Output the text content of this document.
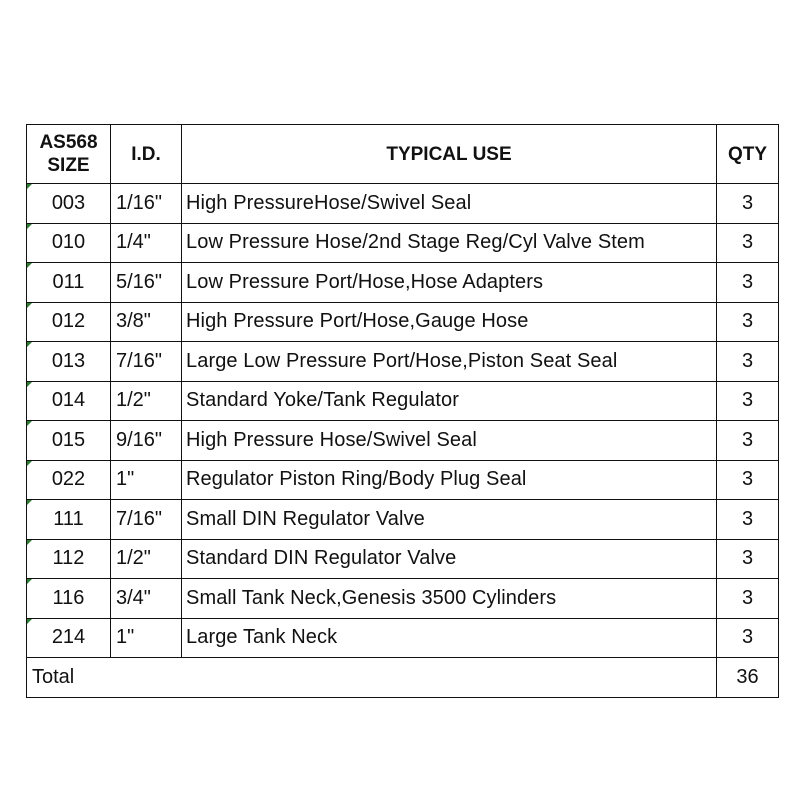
AS568
SIZE	I.D.	TYPICAL USE	QTY
003	1/16"	High PressureHose/Swivel Seal	3
010	1/4"	Low Pressure Hose/2nd Stage Reg/Cyl Valve Stem	3
011	5/16"	Low Pressure Port/Hose,Hose Adapters	3
012	3/8"	High Pressure Port/Hose,Gauge Hose	3
013	7/16"	Large Low Pressure Port/Hose,Piston Seat Seal	3
014	1/2"	Standard Yoke/Tank Regulator	3
015	9/16"	High Pressure Hose/Swivel Seal	3
022	1"	Regulator Piston Ring/Body Plug Seal	3
111	7/16"	Small DIN Regulator Valve	3
112	1/2"	Standard DIN Regulator Valve	3
116	3/4"	Small Tank Neck,Genesis 3500 Cylinders	3
214	1"	Large Tank Neck	3
Total			36
